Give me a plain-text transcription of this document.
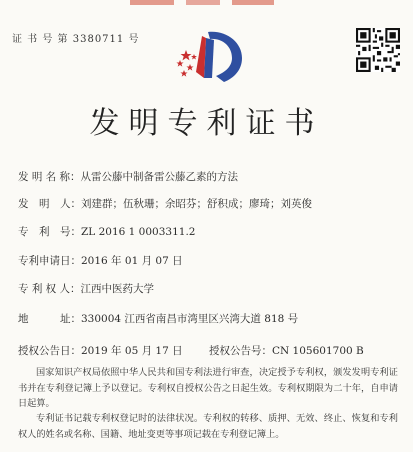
证 书 号 第 3380711 号
发明专利证书
发 明 名 称：从雷公藤中制备雷公藤乙素的方法
发　明　人：刘建群；伍秋珊；余昭芬；舒积成；廖琦；刘英俊
专　利　号：ZL 2016 1 0003311.2
专利申请日：2016 年 01 月 07 日
专 利 权 人：江西中医药大学
地　　　址：330004 江西省南昌市湾里区兴湾大道 818 号
授权公告日：2019 年 05 月 17 日	授权公告号：CN 105601700 B
国家知识产权局依照中华人民共和国专利法进行审查，决定授予专利权，颁发发明专利证书并在专利登记簿上予以登记。专利权自授权公告之日起生效。专利权期限为二十年，自申请日起算。
专利证书记载专利权登记时的法律状况。专利权的转移、质押、无效、终止、恢复和专利权人的姓名或名称、国籍、地址变更等事项记载在专利登记簿上。
